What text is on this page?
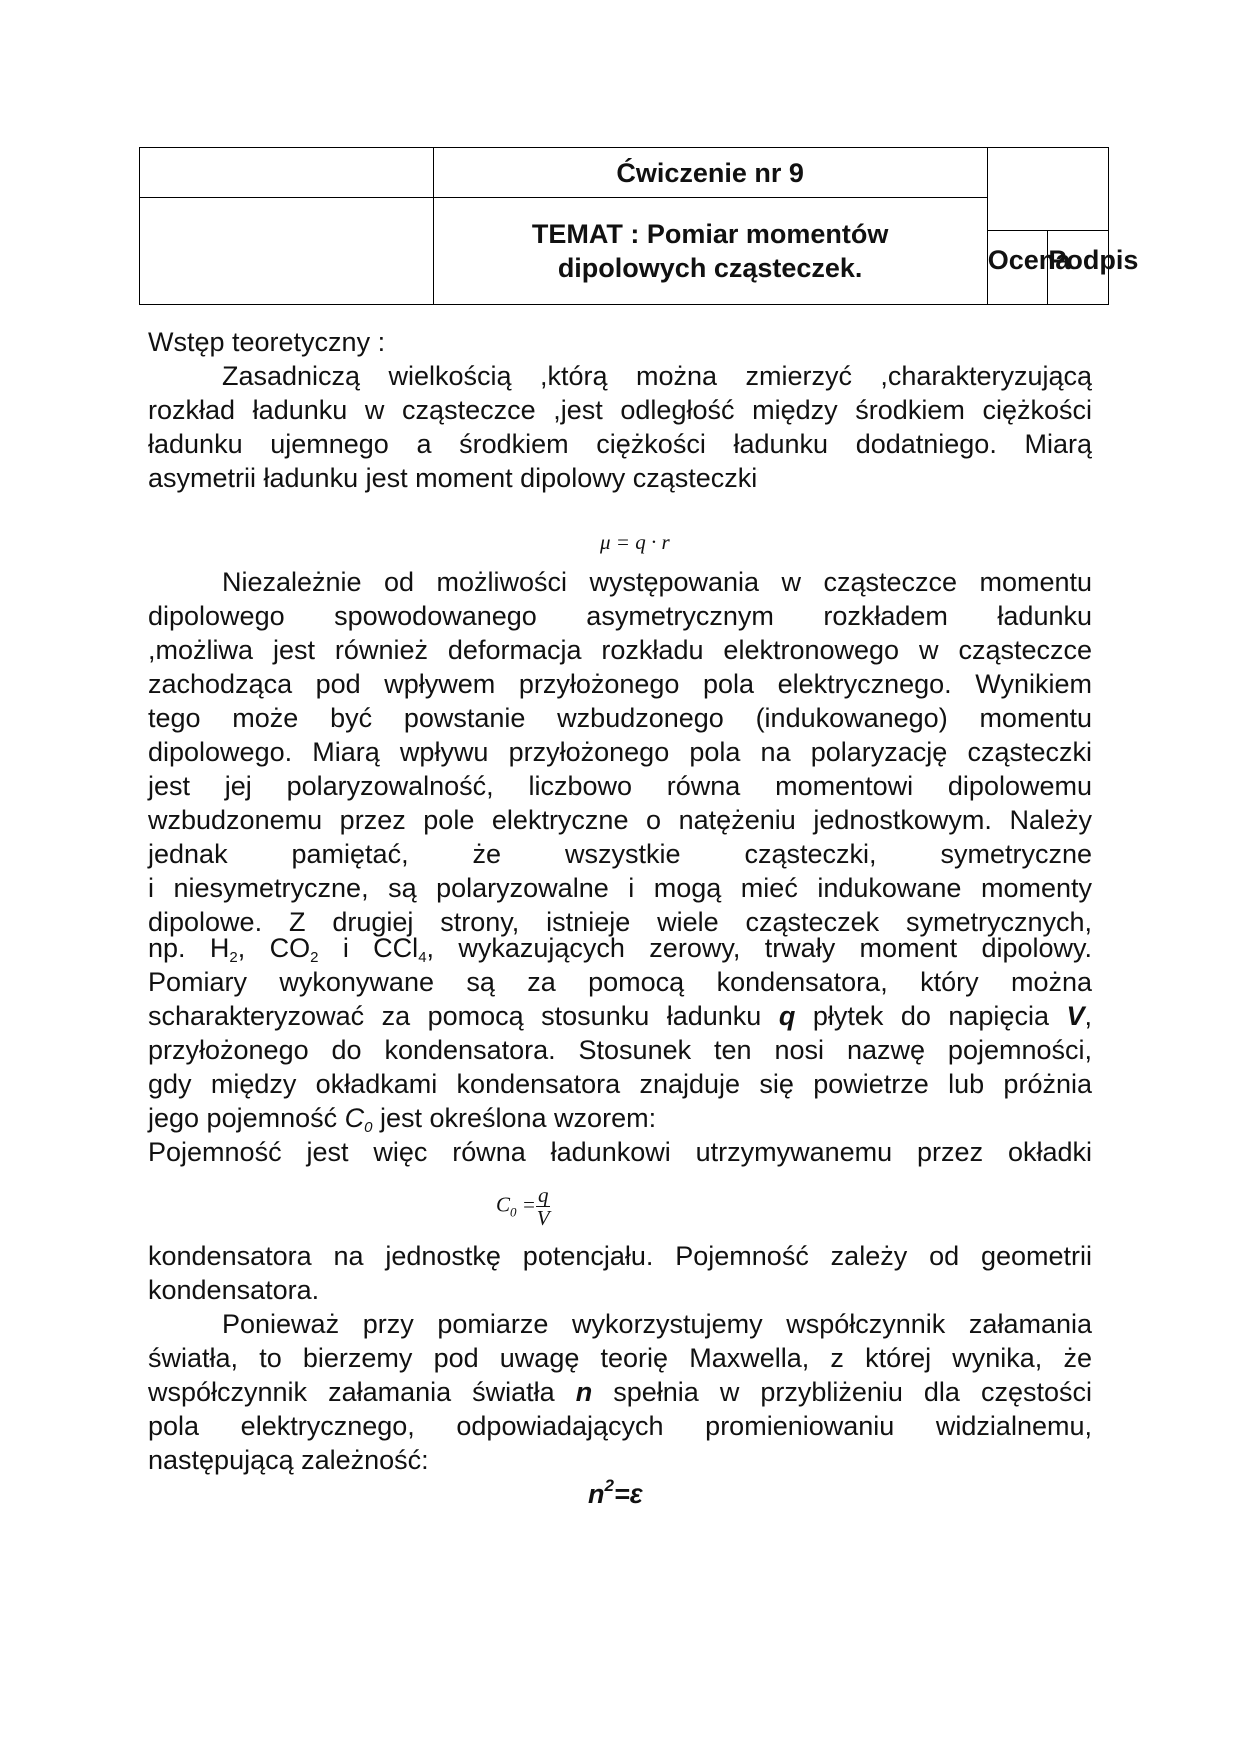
	Ćwiczenie nr 9		
	TEMAT : Pomiar momentów
dipolowych cząsteczek.		
		Ocena	Podpis
Wstęp teoretyczny :
Zasadniczą wielkością ,którą można zmierzyć ,charakteryzującą
rozkład ładunku w cząsteczce ,jest odległość między środkiem ciężkości
ładunku ujemnego a środkiem ciężkości ładunku dodatniego. Miarą
asymetrii ładunku jest moment dipolowy cząsteczki
μ = q · r
Niezależnie od możliwości występowania w cząsteczce momentu
dipolowego spowodowanego asymetrycznym rozkładem ładunku
,możliwa jest również deformacja rozkładu elektronowego w cząsteczce
zachodząca pod wpływem przyłożonego pola elektrycznego. Wynikiem
tego może być powstanie wzbudzonego (indukowanego) momentu
dipolowego. Miarą wpływu przyłożonego pola na polaryzację cząsteczki
jest jej polaryzowalność, liczbowo równa momentowi dipolowemu
wzbudzonemu przez pole elektryczne o natężeniu jednostkowym. Należy
jednak pamiętać, że wszystkie cząsteczki, symetryczne
i niesymetryczne, są polaryzowalne i mogą mieć indukowane momenty
dipolowe. Z drugiej strony, istnieje wiele cząsteczek symetrycznych,
np. $H_2$, $CO_2$ i CCl$_4$, wykazujących zerowy, trwały moment dipolowy.
Pomiary wykonywane są za pomocą kondensatora, który można
scharakteryzować za pomocą stosunku ładunku q płytek do napięcia V,
przyłożonego do kondensatora. Stosunek ten nosi nazwę pojemności,
gdy między okładkami kondensatora znajduje się powietrze lub próżnia
jego pojemność $C_0$ jest określona wzorem:
Pojemność jest więc równa ładunkowi utrzymywanemu przez okładki
$C_0 = \frac{q}{V}$
kondensatora na jednostkę potencjału. Pojemność zależy od geometrii
kondensatora.
Ponieważ przy pomiarze wykorzystujemy współczynnik załamania
światła, to bierzemy pod uwagę teorię Maxwella, z której wynika, że
współczynnik załamania światła n spełnia w przybliżeniu dla częstości
pola elektrycznego, odpowiadających promieniowaniu widzialnemu,
następującą zależność:
$n^2=\varepsilon$
